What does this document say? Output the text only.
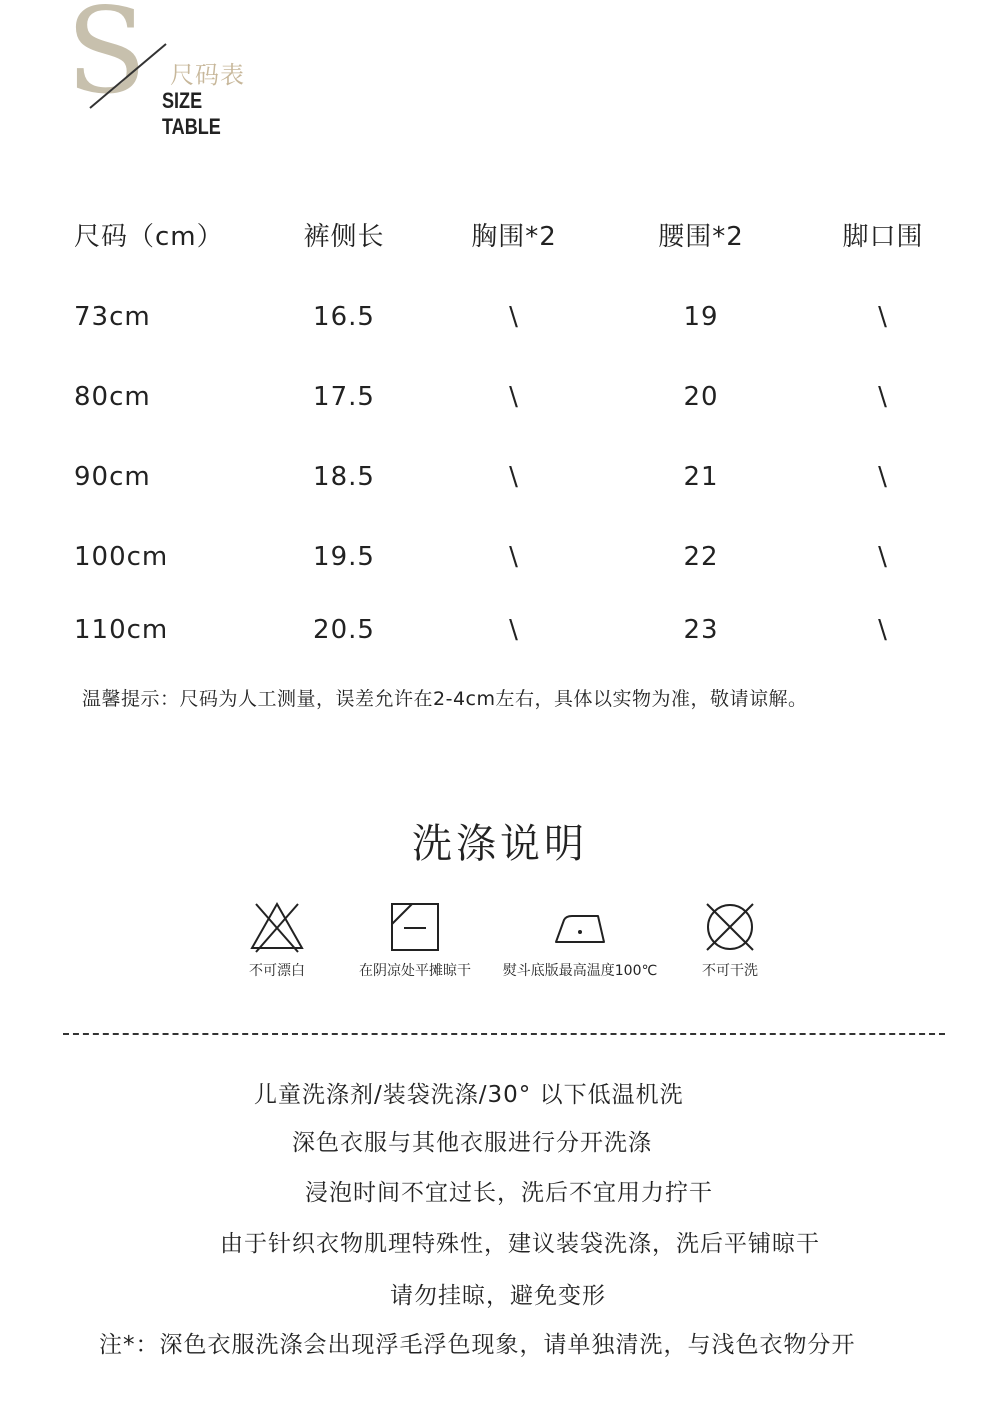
S 尺码表
SIZE TABLE
尺码（cm）	裤侧长	胸围*2	腰围*2	脚口围
73cm	16.5	\	19	\
80cm	17.5	\	20	\
90cm	18.5	\	21	\
100cm	19.5	\	22	\
110cm	20.5	\	23	\
温馨提示：尺码为人工测量，误差允许在2-4cm左右，具体以实物为准，敬请谅解。
洗涤说明
不可漂白	在阴凉处平摊晾干 熨斗底版最高温度100℃	不可干洗
儿童洗涤剂/装袋洗涤/30° 以下低温机洗
深色衣服与其他衣服进行分开洗涤
浸泡时间不宜过长，洗后不宜用力拧干
由于针织衣物肌理特殊性，建议装袋洗涤，洗后平铺晾干
请勿挂晾，避免变形
注*：深色衣服洗涤会出现浮毛浮色现象，请单独清洗，与浅色衣物分开
